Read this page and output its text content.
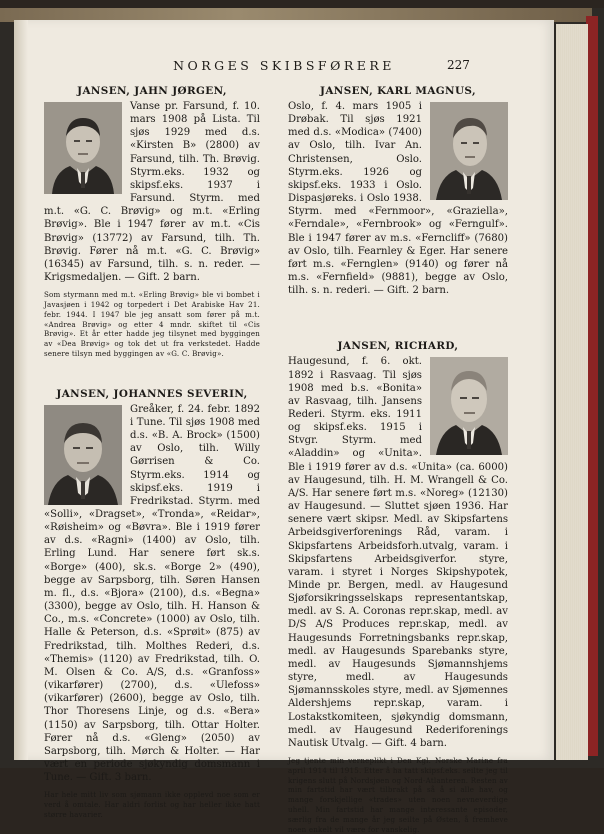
NORGES SKIBSFØRERE	227
JANSEN, JAHN JØRGEN,

Vanse pr. Farsund, f. 10. mars 1908 på Lista. Til sjøs 1929 med d.s. «Kirsten B» (2800) av Farsund, tilh. Th. Brøvig. Styrm.eks. 1932 og skipsf.eks. 1937 i Farsund. Styrm. med m.t. «G. C. Brøvig» og m.t. «Erling Brøvig». Ble i 1947 fører av m.t. «Cis Brøvig» (13772) av Farsund, tilh. Th. Brøvig. Fører nå m.t. «G. C. Brøvig» (16345) av Farsund, tilh. s. n. reder. — Krigsmedaljen. — Gift. 2 barn.

Som styrmann med m.t. «Erling Brøvig» ble vi bombet i Javasjøen i 1942 og torpedert i Det Arabiske Hav 21. febr. 1944. I 1947 ble jeg ansatt som fører på m.t. «Andrea Brøvig» og etter 4 mndr. skiftet til «Cis Brøvig». Et år etter hadde jeg tilsynet med byggingen av «Dea Brøvig» og tok det ut fra verkstedet. Hadde senere tilsyn med byggingen av «G. C. Brøvig».
JANSEN, JOHANNES SEVERIN,

Greåker, f. 24. febr. 1892 i Tune. Til sjøs 1908 med d.s. «B. A. Brock» (1500) av Oslo, tilh. Willy Gørrisen & Co. Styrm.eks. 1914 og skipsf.eks. 1919 i Fredrikstad. Styrm. med «Solli», «Dragset», «Tronda», «Reidar», «Røisheim» og «Bøvra». Ble i 1919 fører av d.s. «Ragni» (1400) av Oslo, tilh. Erling Lund. Har senere ført sk.s. «Borge» (400), sk.s. «Borge 2» (490), begge av Sarpsborg, tilh. Søren Hansen m. fl., d.s. «Bjora» (2100), d.s. «Begna» (3300), begge av Oslo, tilh. H. Hanson & Co., m.s. «Concrete» (1000) av Oslo, tilh. Halle & Peterson, d.s. «Sprøit» (875) av Fredrikstad, tilh. Molthes Rederi, d.s. «Themis» (1120) av Fredrikstad, tilh. O. M. Olsen & Co. A/S, d.s. «Granfoss» (vikarfører) (2700), d.s. «Ulefoss» (vikarfører) (2600), begge av Oslo, tilh. Thor Thoresens Linje, og d.s. «Bera» (1150) av Sarpsborg, tilh. Ottar Holter. Fører nå d.s. «Gleng» (2050) av Sarpsborg, tilh. Mørch & Holter. — Har vært en periode sjøkyndig domsmann i Tune. — Gift. 3 barn.

Har hele mitt liv som sjømann ikke opplevd noe som er verd å omtale. Har aldri forlist og har heller ikke hatt større havarier.
JANSEN, KARL MAGNUS,

Oslo, f. 4. mars 1905 i Drøbak. Til sjøs 1921 med d.s. «Modica» (7400) av Oslo, tilh. Ivar An. Christensen, Oslo. Styrm.eks. 1926 og skipsf.eks. 1933 i Oslo. Dispasjøreks. i Oslo 1938. Styrm. med «Fernmoor», «Graziella», «Ferndale», «Fernbrook» og «Ferngulf». Ble i 1947 fører av m.s. «Ferncliff» (7680) av Oslo, tilh. Fearnley & Eger. Har senere ført m.s. «Fernglen» (9140) og fører nå m.s. «Fernfield» (9881), begge av Oslo, tilh. s. n. rederi. — Gift. 2 barn.

JANSEN, RICHARD,

Haugesund, f. 6. okt. 1892 i Rasvaag. Til sjøs 1908 med b.s. «Bonita» av Rasvaag, tilh. Jansens Rederi. Styrm. eks. 1911 og skipsf.eks. 1915 i Stvgr. Styrm. med «Aladdin» og «Unita». Ble i 1919 fører av d.s. «Unita» (ca. 6000) av Haugesund, tilh. H. M. Wrangell & Co. A/S. Har senere ført m.s. «Noreg» (12130) av Haugesund. — Sluttet sjøen 1936. Har senere vært skipsr. Medl. av Skipsfartens Arbeidsgiverforenings Råd, varam. i Skipsfartens Arbeidsforh.utvalg, varam. i Skipsfartens Arbeidsgiverfor. styre, varam. i styret i Norges Skipshypotek, Minde pr. Bergen, medl. av Haugesund Sjøforsikringsselskaps representantskap, medl. av S. A. Coronas repr.skap, medl. av D/S A/S Produces repr.skap, medl. av Haugesunds Forretningsbanks repr.skap, medl. av Haugesunds Sparebanks styre, medl. av Haugesunds Sjømannshjems styre, medl. av Haugesunds Sjømannsskoles styre, medl. av Sjømennes Aldershjems repr.skap, varam. i Lostakstkomiteen, sjøkyndig domsmann, medl. av Haugesund Rederiforenings Nautisk Utvalg. — Gift. 4 barn.

Jeg tjente min verneplikt i Den Kgl. Norske Marine fra april 1914 til 1915. Etter å ha tatt skipsf.eks. seilte jeg til krigens slutt på Nordsjøen og Nord-Atlanteren. Resten av min fartstid har vært tilbrakt på så å si alle hav, og mange forskjellige «trades» uten noen nevneverdige uhell. Min fartstid har mange interessante episoder, særlig fra de mange år jeg seilte på Østen, å fremheve noen enkelt vil være for vanskelig.
